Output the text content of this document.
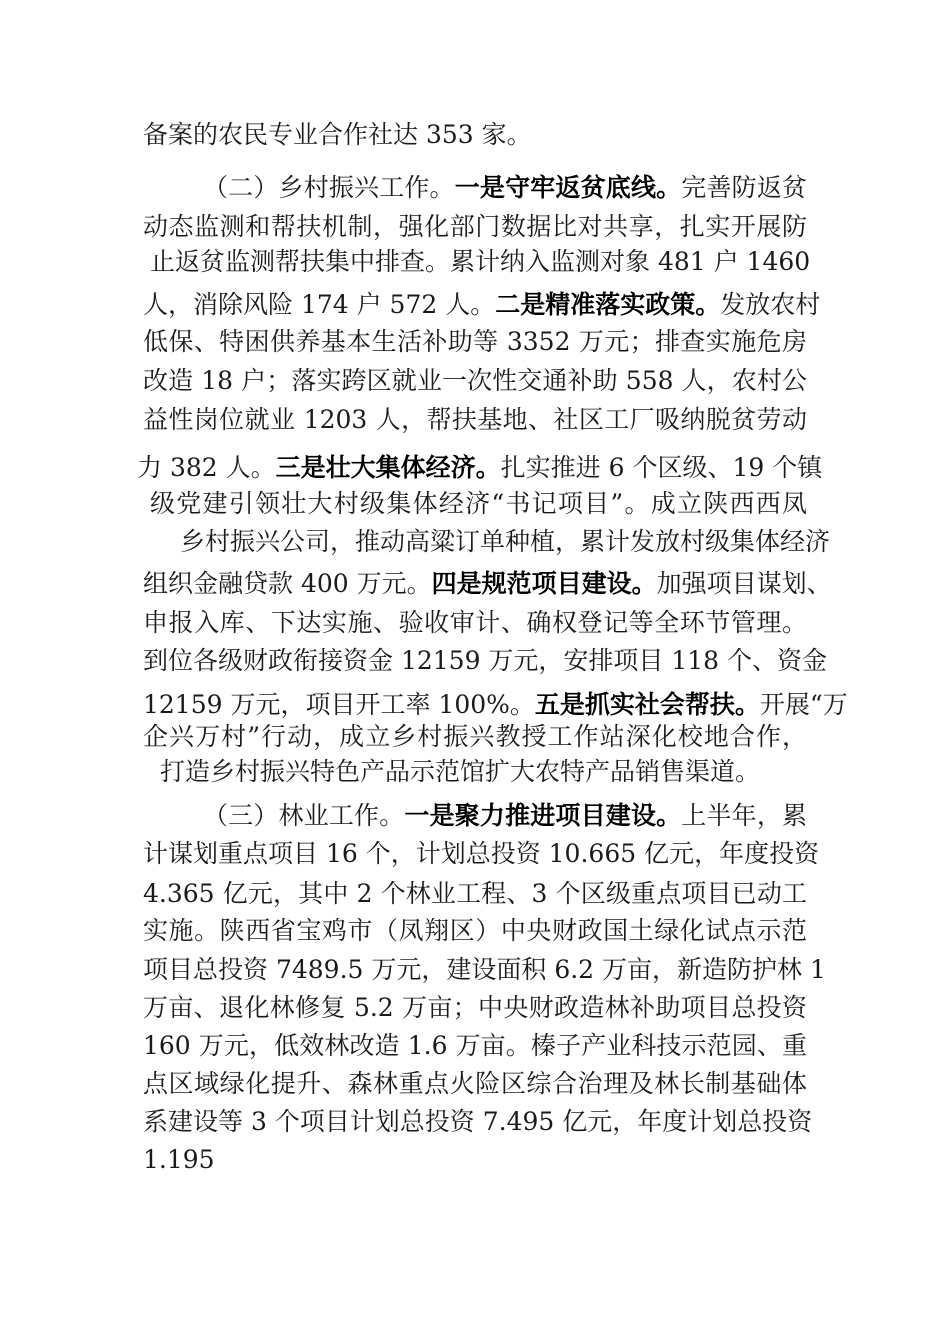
备案的农民专业合作社达 353 家。
（二）乡村振兴工作。一是守牢返贫底线。完善防返贫
动态监测和帮扶机制，强化部门数据比对共享，扎实开展防
止返贫监测帮扶集中排查。累计纳入监测对象 481 户 1460
人，消除风险 174 户 572 人。二是精准落实政策。发放农村
低保、特困供养基本生活补助等 3352 万元；排查实施危房
改造 18 户；落实跨区就业一次性交通补助 558 人，农村公
益性岗位就业 1203 人，帮扶基地、社区工厂吸纳脱贫劳动
力 382 人。三是壮大集体经济。扎实推进 6 个区级、19 个镇
级党建引领壮大村级集体经济“书记项目”。成立陕西西凤
乡村振兴公司，推动高粱订单种植，累计发放村级集体经济
组织金融贷款 400 万元。四是规范项目建设。加强项目谋划、
申报入库、下达实施、验收审计、确权登记等全环节管理。
到位各级财政衔接资金 12159 万元，安排项目 118 个、资金
12159 万元，项目开工率 100%。五是抓实社会帮扶。开展“万
企兴万村”行动，成立乡村振兴教授工作站深化校地合作，
打造乡村振兴特色产品示范馆扩大农特产品销售渠道。
（三）林业工作。一是聚力推进项目建设。上半年，累
计谋划重点项目 16 个，计划总投资 10.665 亿元，年度投资
4.365 亿元，其中 2 个林业工程、3 个区级重点项目已动工
实施。陕西省宝鸡市（凤翔区）中央财政国土绿化试点示范
项目总投资 7489.5 万元，建设面积 6.2 万亩，新造防护林 1
万亩、退化林修复 5.2 万亩；中央财政造林补助项目总投资
160 万元，低效林改造 1.6 万亩。榛子产业科技示范园、重
点区域绿化提升、森林重点火险区综合治理及林长制基础体
系建设等 3 个项目计划总投资 7.495 亿元，年度计划总投资
1.195
